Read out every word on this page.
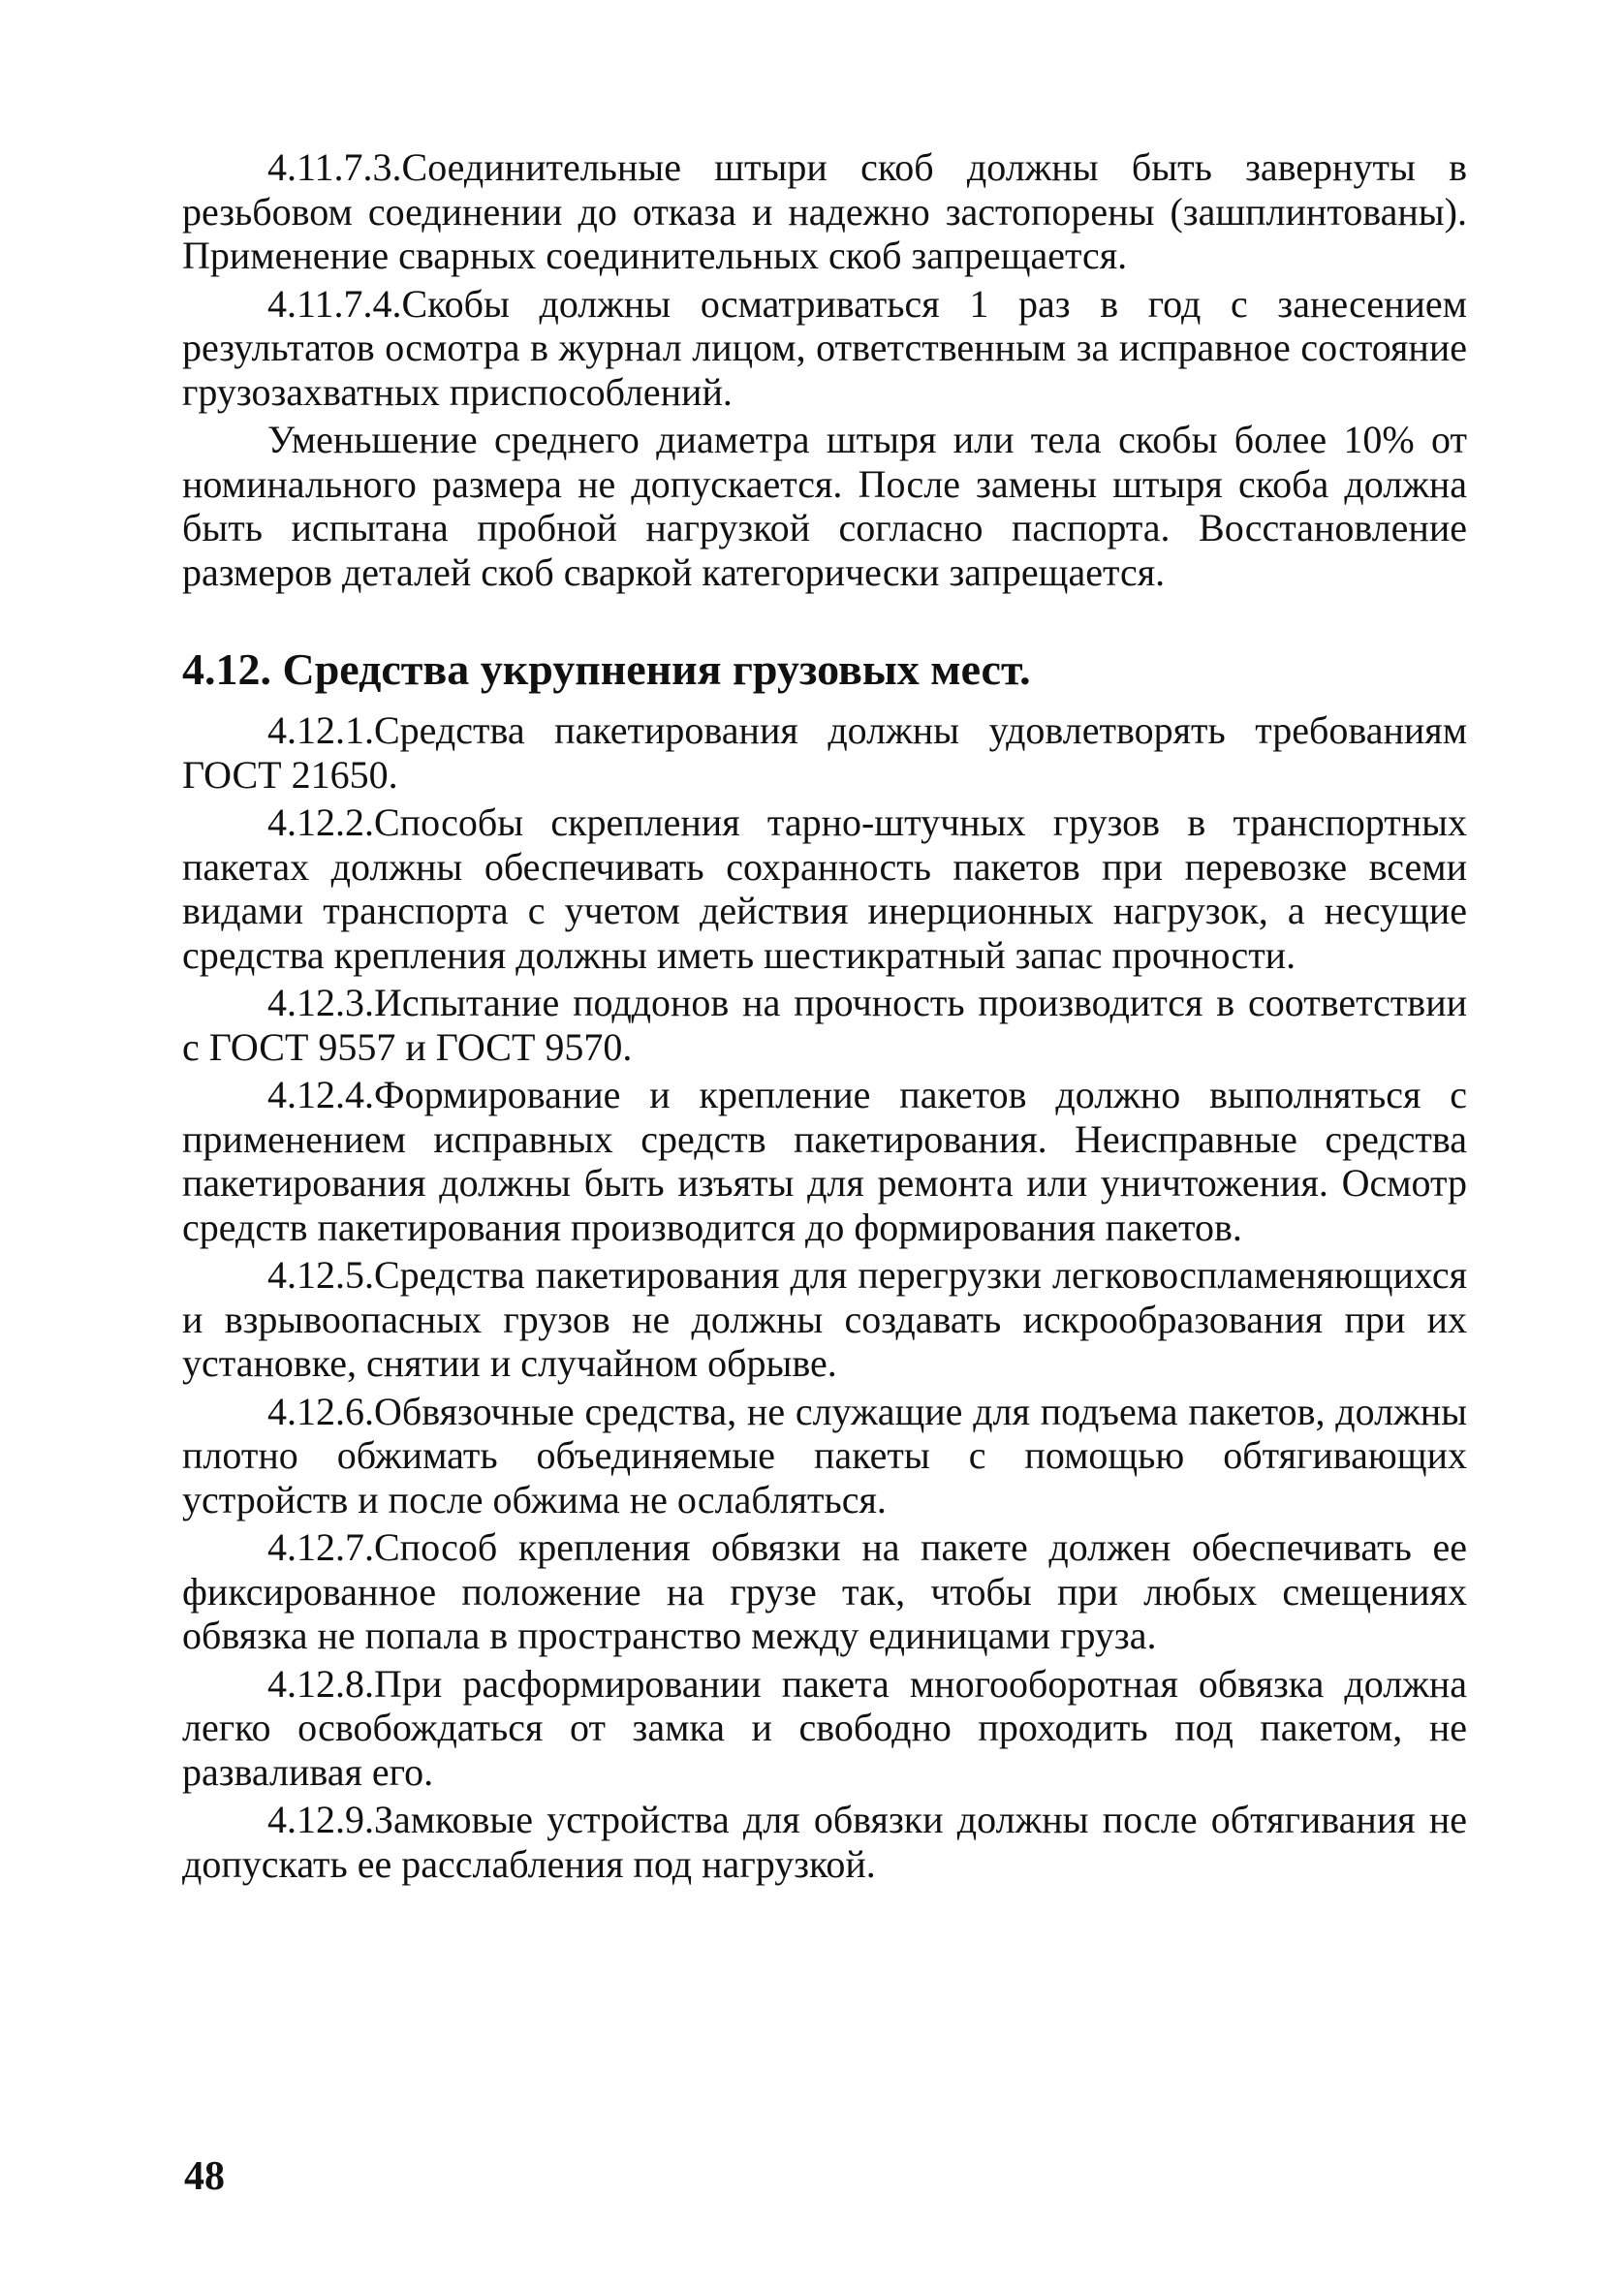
4.11.7.3.Соединительные штыри скоб должны быть завернуты в резьбовом соединении до отказа и надежно застопорены (зашплинтованы). Применение сварных соединительных скоб запрещается.

4.11.7.4.Скобы должны осматриваться 1 раз в год с занесением результатов осмотра в журнал лицом, ответственным за исправное состояние грузозахватных приспособлений.

Уменьшение среднего диаметра штыря или тела скобы более 10% от номинального размера не допускается. После замены штыря скоба должна быть испытана пробной нагрузкой согласно паспорта. Восстановление размеров деталей скоб сваркой категорически запрещается.

4.12. Средства укрупнения грузовых мест.

4.12.1.Средства пакетирования должны удовлетворять требованиям ГОСТ 21650.

4.12.2.Способы скрепления тарно-штучных грузов в транспортных пакетах должны обеспечивать сохранность пакетов при перевозке всеми видами транспорта с учетом действия инерционных нагрузок, а несущие средства крепления должны иметь шестикратный запас прочности.

4.12.3.Испытание поддонов на прочность производится в соответствии с ГОСТ 9557 и ГОСТ 9570.

4.12.4.Формирование и крепление пакетов должно выполняться с применением исправных средств пакетирования. Неисправные средства пакетирования должны быть изъяты для ремонта или уничтожения. Осмотр средств пакетирования производится до формирования пакетов.

4.12.5.Средства пакетирования для перегрузки легковоспламеняющихся и взрывоопасных грузов не должны создавать искрообразования при их установке, снятии и случайном обрыве.

4.12.6.Обвязочные средства, не служащие для подъема пакетов, должны плотно обжимать объединяемые пакеты с помощью обтягивающих устройств и после обжима не ослабляться.

4.12.7.Способ крепления обвязки на пакете должен обеспечивать ее фиксированное положение на грузе так, чтобы при любых смещениях обвязка не попала в пространство между единицами груза.

4.12.8.При расформировании пакета многооборотная обвязка должна легко освобождаться от замка и свободно проходить под пакетом, не разваливая его.

4.12.9.Замковые устройства для обвязки должны после обтягивания не допускать ее расслабления под нагрузкой.

48
